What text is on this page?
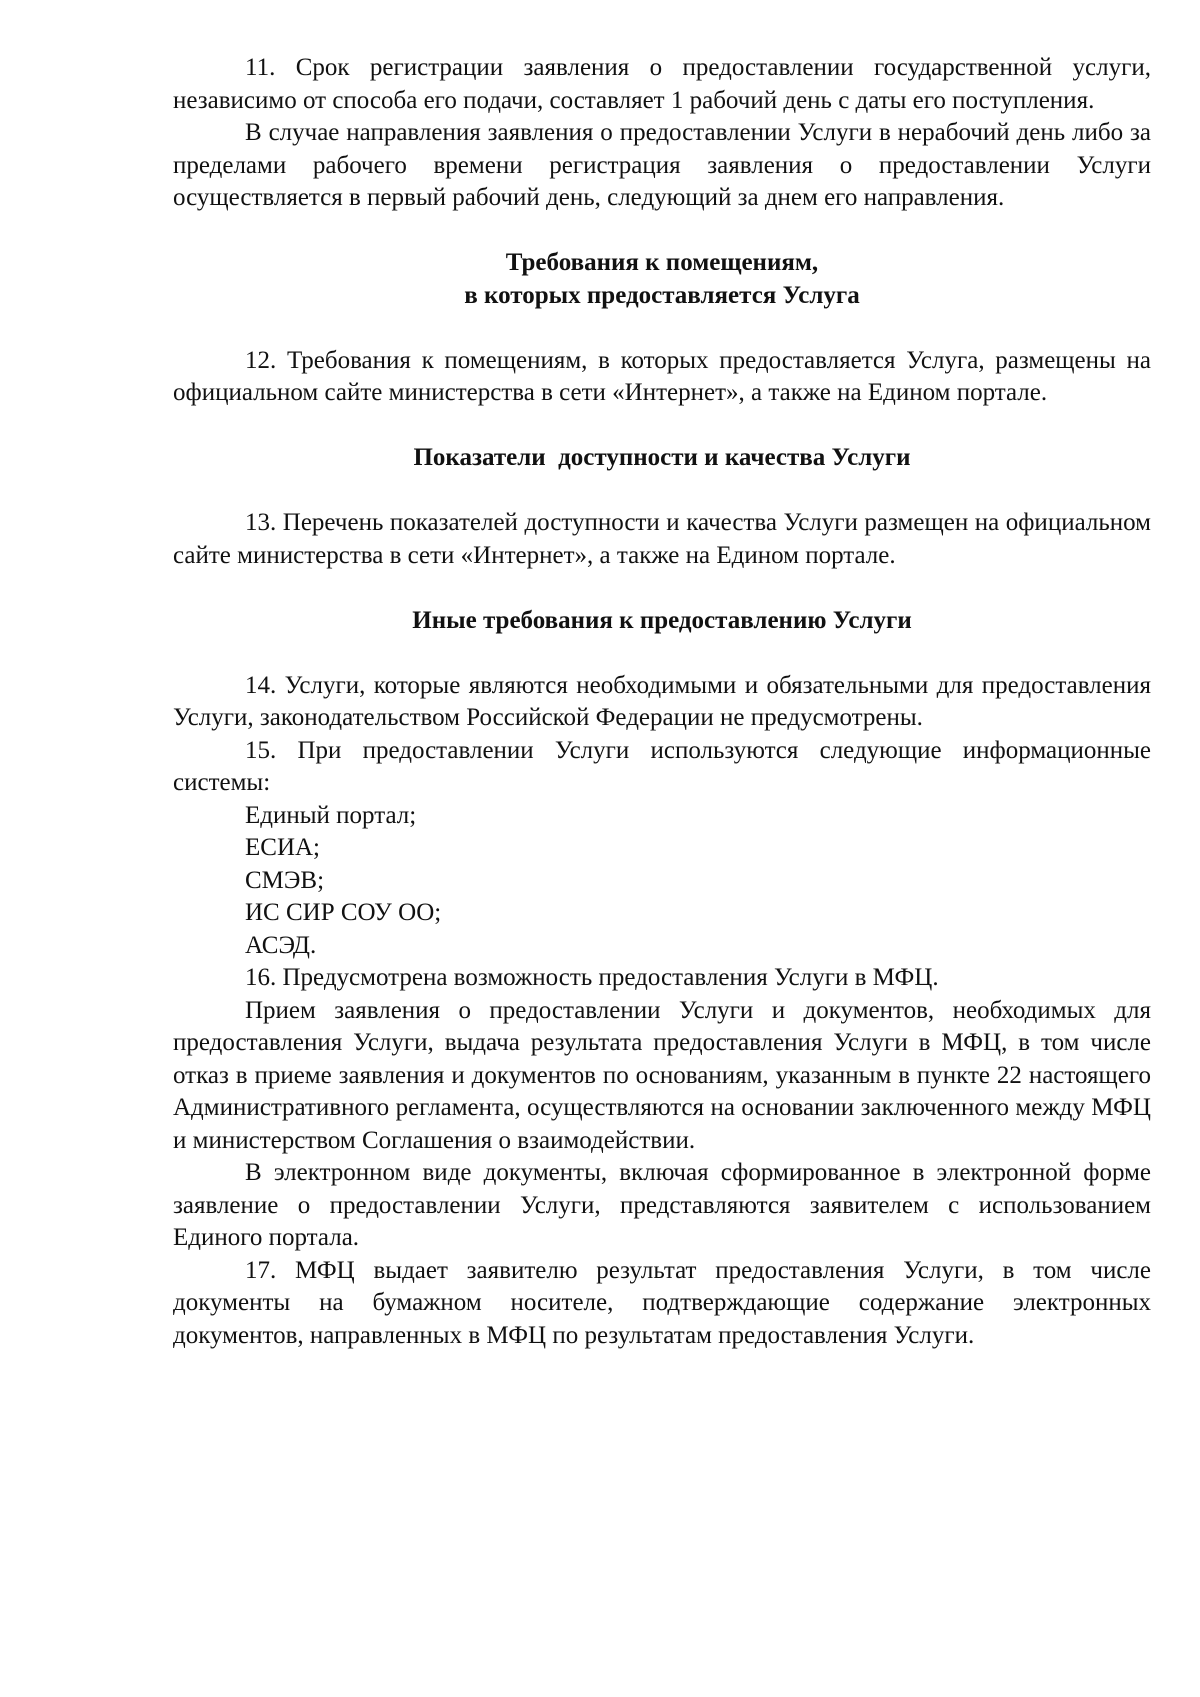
11. Срок регистрации заявления о предоставлении государственной услуги, независимо от способа его подачи, составляет 1 рабочий день с даты его поступления.

В случае направления заявления о предоставлении Услуги в нерабочий день либо за пределами рабочего времени регистрация заявления о предоставлении Услуги осуществляется в первый рабочий день, следующий за днем его направления.

Требования к помещениям,

в которых предоставляется Услуга

12. Требования к помещениям, в которых предоставляется Услуга, размещены на официальном сайте министерства в сети «Интернет», а также на Едином портале.

Показатели  доступности и качества Услуги

13. Перечень показателей доступности и качества Услуги размещен на официальном сайте министерства в сети «Интернет», а также на Едином портале.

Иные требования к предоставлению Услуги

14. Услуги, которые являются необходимыми и обязательными для предоставления Услуги, законодательством Российской Федерации не предусмотрены.

15. При предоставлении Услуги используются следующие информационные системы:

Единый портал;

ЕСИА;

СМЭВ;

ИС СИР СОУ ОО;

АСЭД.

16. Предусмотрена возможность предоставления Услуги в МФЦ.

Прием заявления о предоставлении Услуги и документов, необходимых для предоставления Услуги, выдача результата предоставления Услуги в МФЦ, в том числе отказ в приеме заявления и документов по основаниям, указанным в пункте 22 настоящего Административного регламента, осуществляются на основании заключенного между МФЦ и министерством Соглашения о взаимодействии.

В электронном виде документы, включая сформированное в электронной форме заявление о предоставлении Услуги, представляются заявителем с использованием Единого портала.

17. МФЦ выдает заявителю результат предоставления Услуги, в том числе документы на бумажном носителе, подтверждающие содержание электронных документов, направленных в МФЦ по результатам предоставления Услуги.
